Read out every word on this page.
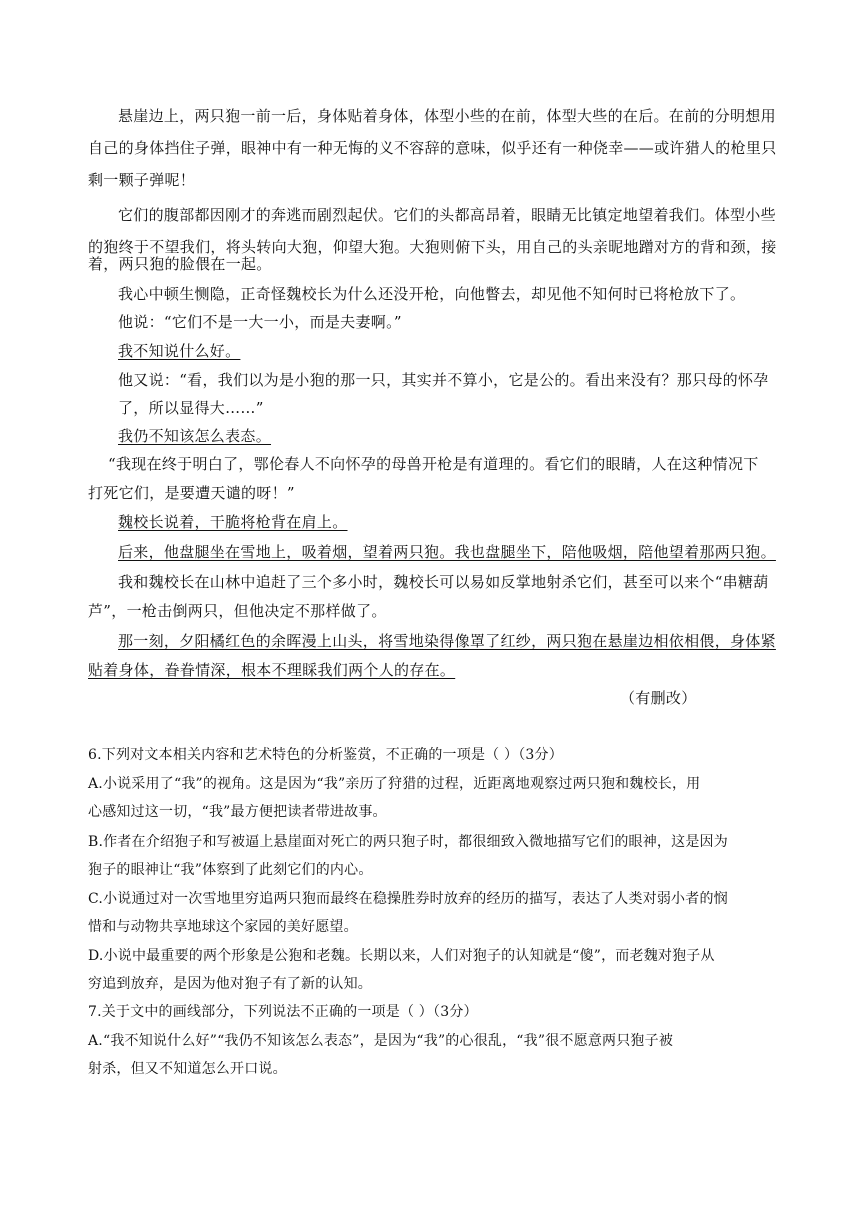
悬崖边上，两只狍一前一后，身体贴着身体，体型小些的在前，体型大些的在后。在前的分明想用
自己的身体挡住子弹，眼神中有一种无悔的义不容辞的意味，似乎还有一种侥幸——或许猎人的枪里只
剩一颗子弹呢！
它们的腹部都因刚才的奔逃而剧烈起伏。它们的头都高昂着，眼睛无比镇定地望着我们。体型小些
的狍终于不望我们，将头转向大狍，仰望大狍。大狍则俯下头，用自己的头亲昵地蹭对方的背和颈，接
着，两只狍的脸偎在一起。
我心中顿生恻隐，正奇怪魏校长为什么还没开枪，向他瞥去，却见他不知何时已将枪放下了。
他说：“它们不是一大一小，而是夫妻啊。”
我不知说什么好。
他又说：“看，我们以为是小狍的那一只，其实并不算小，它是公的。看出来没有？那只母的怀孕
了，所以显得大……”
我仍不知该怎么表态。
“我现在终于明白了，鄂伦春人不向怀孕的母兽开枪是有道理的。看它们的眼睛，人在这种情况下
打死它们，是要遭天谴的呀！”
魏校长说着，干脆将枪背在肩上。
后来，他盘腿坐在雪地上，吸着烟，望着两只狍。我也盘腿坐下，陪他吸烟，陪他望着那两只狍。
我和魏校长在山林中追赶了三个多小时，魏校长可以易如反掌地射杀它们，甚至可以来个“串糖葫
芦”，一枪击倒两只，但他决定不那样做了。
那一刻，夕阳橘红色的余晖漫上山头，将雪地染得像罩了红纱，两只狍在悬崖边相依相偎，身体紧
贴着身体，眷眷情深，根本不理睬我们两个人的存在。
（有删改）
6.下列对文本相关内容和艺术特色的分析鉴赏，不正确的一项是（ ）（3分）
A.小说采用了“我”的视角。这是因为“我”亲历了狩猎的过程，近距离地观察过两只狍和魏校长，用
心感知过这一切，“我”最方便把读者带进故事。
B.作者在介绍狍子和写被逼上悬崖面对死亡的两只狍子时，都很细致入微地描写它们的眼神，这是因为
狍子的眼神让“我”体察到了此刻它们的内心。
C.小说通过对一次雪地里穷追两只狍而最终在稳操胜券时放弃的经历的描写，表达了人类对弱小者的悯
惜和与动物共享地球这个家园的美好愿望。
D.小说中最重要的两个形象是公狍和老魏。长期以来，人们对狍子的认知就是“傻”，而老魏对狍子从
穷追到放弃，是因为他对狍子有了新的认知。
7.关于文中的画线部分，下列说法不正确的一项是（ ）（3分）
A.“我不知说什么好”“我仍不知该怎么表态”，是因为“我”的心很乱，“我”很不愿意两只狍子被
射杀，但又不知道怎么开口说。
